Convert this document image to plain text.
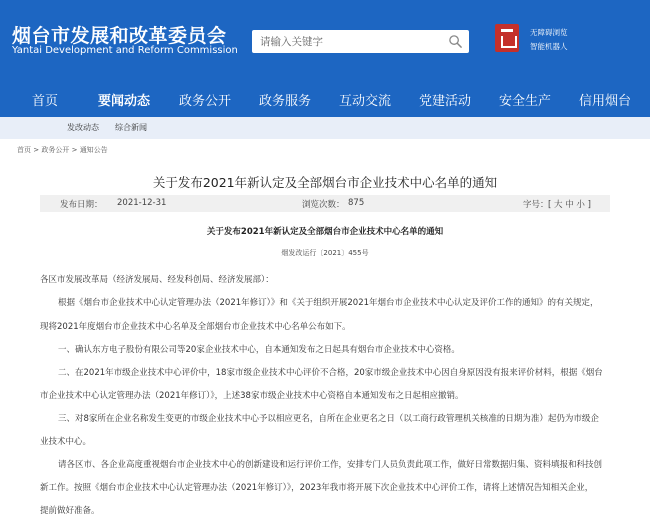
烟台市发展和改革委员会
Yantai Development and Reform Commission
请输入关键字
无障碍浏览
智能机器人
首页	要闻动态 政务公开 政务服务 互动交流 党建活动 安全生产 信用烟台
发改动态 综合新闻
首页 > 政务公开 > 通知公告
关于发布2021年新认定及全部烟台市企业技术中心名单的通知
发布日期： 2021-12-31	浏览次数： 875	字号： [ 大 中 小 ]
关于发布2021年新认定及全部烟台市企业技术中心名单的通知
烟发改运行〔2021〕455号
各区市发展改革局（经济发展局、经发科创局、经济发展部）：
根据《烟台市企业技术中心认定管理办法（2021年修订）》和《关于组织开展2021年烟台市企业技术中心认定及评价工作的通知》的有关规定，
现将2021年度烟台市企业技术中心名单及全部烟台市企业技术中心名单公布如下。
一、确认东方电子股份有限公司等20家企业技术中心，自本通知发布之日起具有烟台市企业技术中心资格。
二、在2021年市级企业技术中心评价中，18家市级企业技术中心评价不合格，20家市级企业技术中心因自身原因没有报来评价材料，根据《烟台
市企业技术中心认定管理办法（2021年修订）》，上述38家市级企业技术中心资格自本通知发布之日起相应撤销。
三、对8家所在企业名称发生变更的市级企业技术中心予以相应更名，自所在企业更名之日（以工商行政管理机关核准的日期为准）起仍为市级企
业技术中心。
请各区市、各企业高度重视烟台市企业技术中心的创新建设和运行评价工作，安排专门人员负责此项工作，做好日常数据归集、资料填报和科技创
新工作。按照《烟台市企业技术中心认定管理办法（2021年修订）》，2023年我市将开展下次企业技术中心评价工作，请将上述情况告知相关企业，
提前做好准备。
